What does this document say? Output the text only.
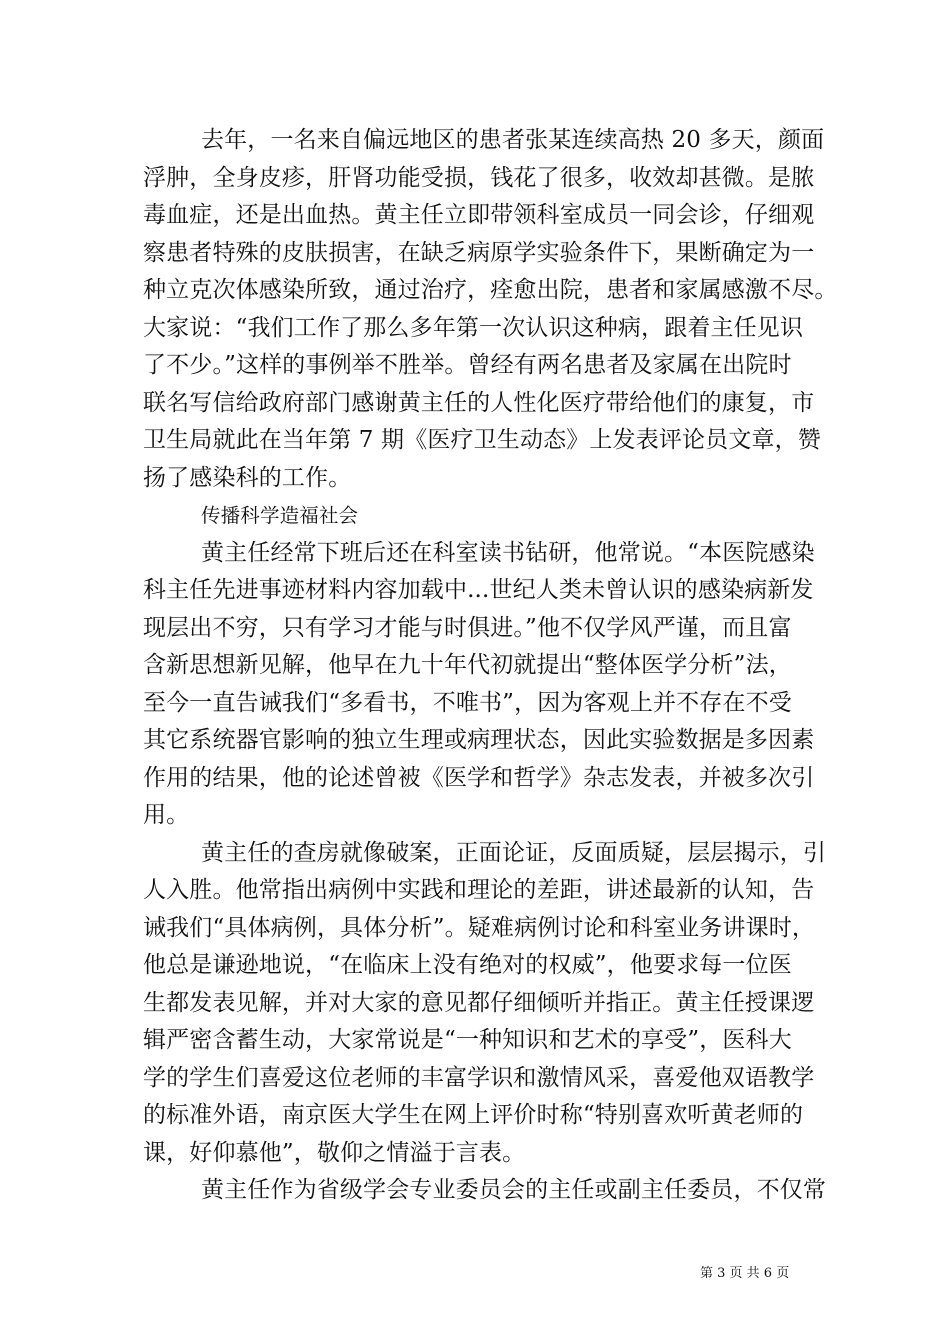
去年，一名来自偏远地区的患者张某连续高热 20 多天，颜面
浮肿，全身皮疹，肝肾功能受损，钱花了很多，收效却甚微。是脓
毒血症，还是出血热。黄主任立即带领科室成员一同会诊，仔细观
察患者特殊的皮肤损害，在缺乏病原学实验条件下，果断确定为一
种立克次体感染所致，通过治疗，痊愈出院，患者和家属感激不尽。
大家说：“我们工作了那么多年第一次认识这种病，跟着主任见识
了不少。”这样的事例举不胜举。曾经有两名患者及家属在出院时
联名写信给政府部门感谢黄主任的人性化医疗带给他们的康复，市
卫生局就此在当年第 7 期《医疗卫生动态》上发表评论员文章，赞
扬了感染科的工作。
传播科学造福社会
黄主任经常下班后还在科室读书钻研，他常说。“本医院感染
科主任先进事迹材料内容加载中...世纪人类未曾认识的感染病新发
现层出不穷，只有学习才能与时俱进。”他不仅学风严谨，而且富
含新思想新见解，他早在九十年代初就提出“整体医学分析”法，
至今一直告诫我们“多看书，不唯书”，因为客观上并不存在不受
其它系统器官影响的独立生理或病理状态，因此实验数据是多因素
作用的结果，他的论述曾被《医学和哲学》杂志发表，并被多次引
用。
黄主任的查房就像破案，正面论证，反面质疑，层层揭示，引
人入胜。他常指出病例中实践和理论的差距，讲述最新的认知，告
诫我们“具体病例，具体分析”。疑难病例讨论和科室业务讲课时，
他总是谦逊地说，“在临床上没有绝对的权威”，他要求每一位医
生都发表见解，并对大家的意见都仔细倾听并指正。黄主任授课逻
辑严密含蓄生动，大家常说是“一种知识和艺术的享受”，医科大
学的学生们喜爱这位老师的丰富学识和激情风采，喜爱他双语教学
的标准外语，南京医大学生在网上评价时称“特别喜欢听黄老师的
课，好仰慕他”，敬仰之情溢于言表。
黄主任作为省级学会专业委员会的主任或副主任委员，不仅常
第 3 页 共 6 页
